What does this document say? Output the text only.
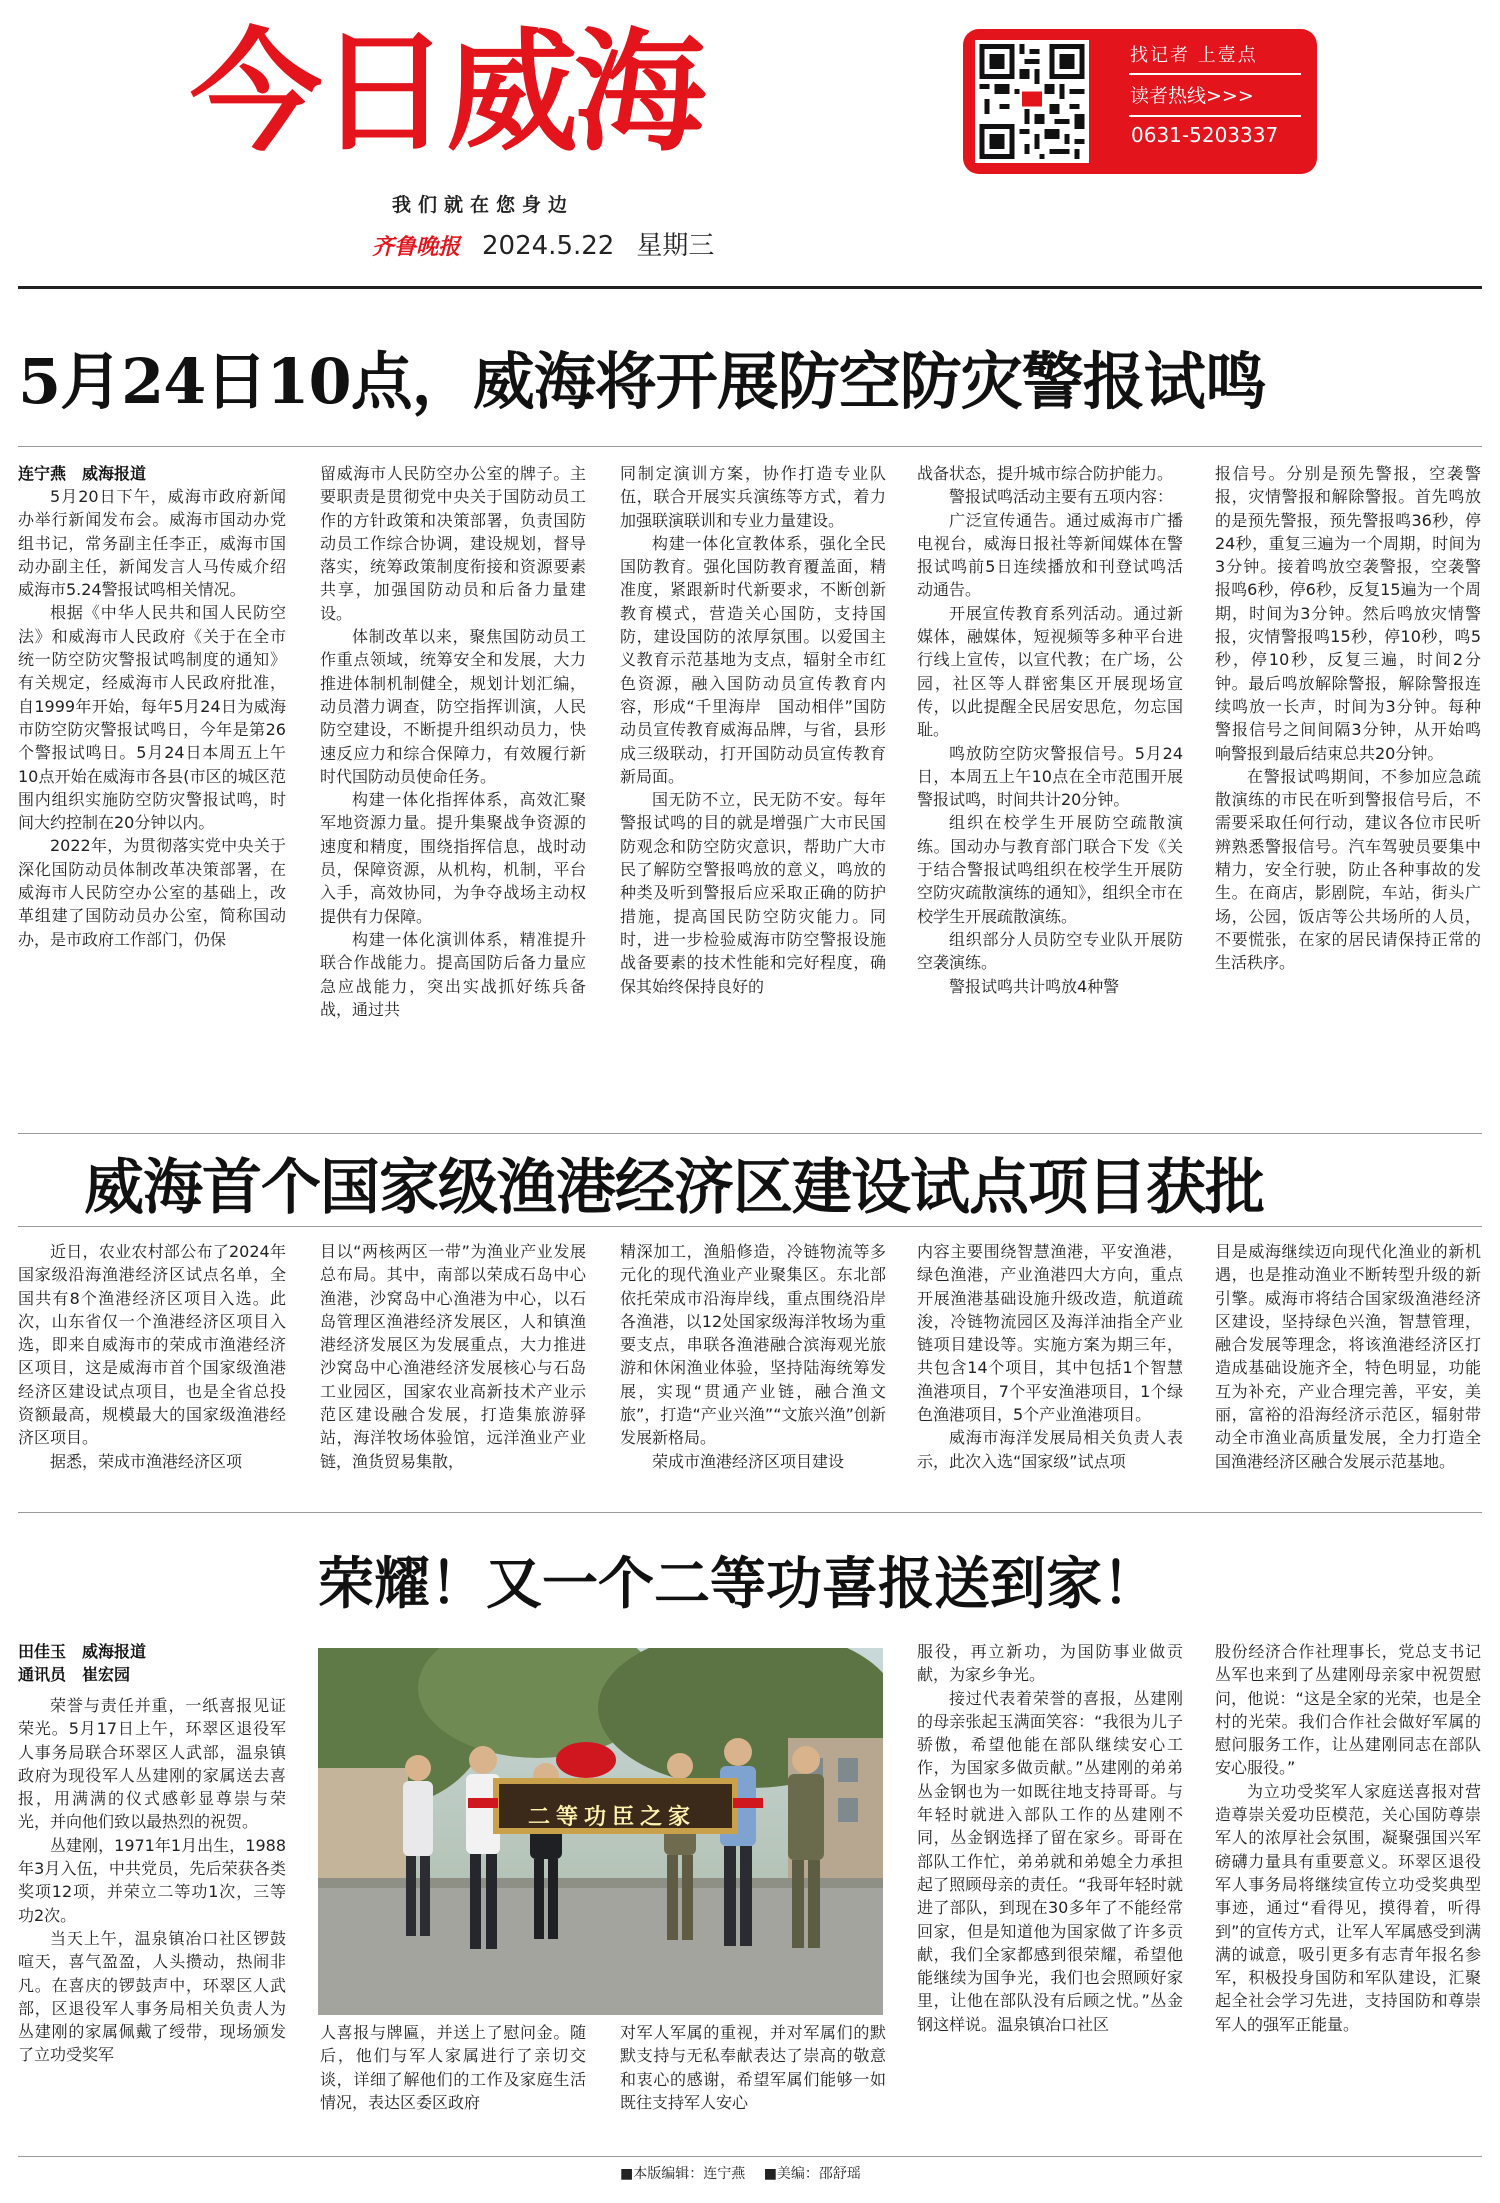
今日威海
我们就在您身边
齐鲁晚报 2024.5.22 星期三
找记者 上壹点
读者热线>>>
0631-5203337
5月24日10点，威海将开展防空防灾警报试鸣
连宁燕　威海报道

5月20日下午，威海市政府新闻办举行新闻发布会。威海市国动办党组书记，常务副主任李正，威海市国动办副主任，新闻发言人马传威介绍威海市5.24警报试鸣相关情况。

根据《中华人民共和国人民防空法》和威海市人民政府《关于在全市统一防空防灾警报试鸣制度的通知》有关规定，经威海市人民政府批准，自1999年开始，每年5月24日为威海市防空防灾警报试鸣日，今年是第26个警报试鸣日。5月24日本周五上午10点开始在威海市各县(市区的城区范围内组织实施防空防灾警报试鸣，时间大约控制在20分钟以内。

2022年，为贯彻落实党中央关于深化国防动员体制改革决策部署，在威海市人民防空办公室的基础上，改革组建了国防动员办公室，简称国动办，是市政府工作部门，仍保

留威海市人民防空办公室的牌子。主要职责是贯彻党中央关于国防动员工作的方针政策和决策部署，负责国防动员工作综合协调，建设规划，督导落实，统筹政策制度衔接和资源要素共享，加强国防动员和后备力量建设。

体制改革以来，聚焦国防动员工作重点领域，统筹安全和发展，大力推进体制机制健全，规划计划汇编，动员潜力调查，防空指挥训演，人民防空建设，不断提升组织动员力，快速反应力和综合保障力，有效履行新时代国防动员使命任务。

构建一体化指挥体系，高效汇聚军地资源力量。提升集聚战争资源的速度和精度，围绕指挥信息，战时动员，保障资源，从机构，机制，平台入手，高效协同，为争夺战场主动权提供有力保障。

构建一体化演训体系，精准提升联合作战能力。提高国防后备力量应急应战能力，突出实战抓好练兵备战，通过共

同制定演训方案，协作打造专业队伍，联合开展实兵演练等方式，着力加强联演联训和专业力量建设。

构建一体化宣教体系，强化全民国防教育。强化国防教育覆盖面，精准度，紧跟新时代新要求，不断创新教育模式，营造关心国防，支持国防，建设国防的浓厚氛围。以爱国主义教育示范基地为支点，辐射全市红色资源，融入国防动员宣传教育内容，形成“千里海岸　国动相伴”国防动员宣传教育威海品牌，与省，县形成三级联动，打开国防动员宣传教育新局面。

国无防不立，民无防不安。每年警报试鸣的目的就是增强广大市民国防观念和防空防灾意识，帮助广大市民了解防空警报鸣放的意义，鸣放的种类及听到警报后应采取正确的防护措施，提高国民防空防灾能力。同时，进一步检验威海市防空警报设施战备要素的技术性能和完好程度，确保其始终保持良好的

战备状态，提升城市综合防护能力。

警报试鸣活动主要有五项内容：

广泛宣传通告。通过威海市广播电视台，威海日报社等新闻媒体在警报试鸣前5日连续播放和刊登试鸣活动通告。

开展宣传教育系列活动。通过新媒体，融媒体，短视频等多种平台进行线上宣传，以宣代教；在广场，公园，社区等人群密集区开展现场宣传，以此提醒全民居安思危，勿忘国耻。

鸣放防空防灾警报信号。5月24日，本周五上午10点在全市范围开展警报试鸣，时间共计20分钟。

组织在校学生开展防空疏散演练。国动办与教育部门联合下发《关于结合警报试鸣组织在校学生开展防空防灾疏散演练的通知》，组织全市在校学生开展疏散演练。

组织部分人员防空专业队开展防空袭演练。

警报试鸣共计鸣放4种警

报信号。分别是预先警报，空袭警报，灾情警报和解除警报。首先鸣放的是预先警报，预先警报鸣36秒，停24秒，重复三遍为一个周期，时间为3分钟。接着鸣放空袭警报，空袭警报鸣6秒，停6秒，反复15遍为一个周期，时间为3分钟。然后鸣放灾情警报，灾情警报鸣15秒，停10秒，鸣5秒，停10秒，反复三遍，时间2分钟。最后鸣放解除警报，解除警报连续鸣放一长声，时间为3分钟。每种警报信号之间间隔3分钟，从开始鸣响警报到最后结束总共20分钟。

在警报试鸣期间，不参加应急疏散演练的市民在听到警报信号后，不需要采取任何行动，建议各位市民听辨熟悉警报信号。汽车驾驶员要集中精力，安全行驶，防止各种事故的发生。在商店，影剧院，车站，街头广场，公园，饭店等公共场所的人员，不要慌张，在家的居民请保持正常的生活秩序。

威海首个国家级渔港经济区建设试点项目获批

近日，农业农村部公布了2024年国家级沿海渔港经济区试点名单，全国共有8个渔港经济区项目入选。此次，山东省仅一个渔港经济区项目入选，即来自威海市的荣成市渔港经济区项目，这是威海市首个国家级渔港经济区建设试点项目，也是全省总投资额最高，规模最大的国家级渔港经济区项目。

据悉，荣成市渔港经济区项

目以“两核两区一带”为渔业产业发展总布局。其中，南部以荣成石岛中心渔港，沙窝岛中心渔港为中心，以石岛管理区渔港经济发展区，人和镇渔港经济发展区为发展重点，大力推进沙窝岛中心渔港经济发展核心与石岛工业园区，国家农业高新技术产业示范区建设融合发展，打造集旅游驿站，海洋牧场体验馆，远洋渔业产业链，渔货贸易集散，

精深加工，渔船修造，冷链物流等多元化的现代渔业产业聚集区。东北部依托荣成市沿海岸线，重点围绕沿岸各渔港，以12处国家级海洋牧场为重要支点，串联各渔港融合滨海观光旅游和休闲渔业体验，坚持陆海统筹发展，实现“贯通产业链，融合渔文旅”，打造“产业兴渔”“文旅兴渔”创新发展新格局。

荣成市渔港经济区项目建设

内容主要围绕智慧渔港，平安渔港，绿色渔港，产业渔港四大方向，重点开展渔港基础设施升级改造，航道疏浚，冷链物流园区及海洋油指全产业链项目建设等。实施方案为期三年，共包含14个项目，其中包括1个智慧渔港项目，7个平安渔港项目，1个绿色渔港项目，5个产业渔港项目。

威海市海洋发展局相关负责人表示，此次入选“国家级”试点项

目是威海继续迈向现代化渔业的新机遇，也是推动渔业不断转型升级的新引擎。威海市将结合国家级渔港经济区建设，坚持绿色兴渔，智慧管理，融合发展等理念，将该渔港经济区打造成基础设施齐全，特色明显，功能互为补充，产业合理完善，平安，美丽，富裕的沿海经济示范区，辐射带动全市渔业高质量发展，全力打造全国渔港经济区融合发展示范基地。

荣耀！又一个二等功喜报送到家！
田佳玉　威海报道
通讯员　崔宏园

荣誉与责任并重，一纸喜报见证荣光。5月17日上午，环翠区退役军人事务局联合环翠区人武部，温泉镇政府为现役军人丛建刚的家属送去喜报，用满满的仪式感彰显尊崇与荣光，并向他们致以最热烈的祝贺。

丛建刚，1971年1月出生，1988年3月入伍，中共党员，先后荣获各类奖项12项，并荣立二等功1次，三等功2次。

当天上午，温泉镇冶口社区锣鼓喧天，喜气盈盈，人头攒动，热闹非凡。在喜庆的锣鼓声中，环翠区人武部，区退役军人事务局相关负责人为丛建刚的家属佩戴了绶带，现场颁发了立功受奖军

二等功臣之家

人喜报与牌匾，并送上了慰问金。随后，他们与军人家属进行了亲切交谈，详细了解他们的工作及家庭生活情况，表达区委区政府

对军人军属的重视，并对军属们的默默支持与无私奉献表达了崇高的敬意和衷心的感谢，希望军属们能够一如既往支持军人安心

服役，再立新功，为国防事业做贡献，为家乡争光。

接过代表着荣誉的喜报，丛建刚的母亲张起玉满面笑容：“我很为儿子骄傲，希望他能在部队继续安心工作，为国家多做贡献。”丛建刚的弟弟丛金钢也为一如既往地支持哥哥。与年轻时就进入部队工作的丛建刚不同，丛金钢选择了留在家乡。哥哥在部队工作忙，弟弟就和弟媳全力承担起了照顾母亲的责任。“我哥年轻时就进了部队，到现在30多年了不能经常回家，但是知道他为国家做了许多贡献，我们全家都感到很荣耀，希望他能继续为国争光，我们也会照顾好家里，让他在部队没有后顾之忧。”丛金钢这样说。温泉镇冶口社区

股份经济合作社理事长，党总支书记丛军也来到了丛建刚母亲家中祝贺慰问，他说：“这是全家的光荣，也是全村的光荣。我们合作社会做好军属的慰问服务工作，让丛建刚同志在部队安心服役。”

为立功受奖军人家庭送喜报对营造尊崇关爱功臣模范，关心国防尊崇军人的浓厚社会氛围，凝聚强国兴军磅礴力量具有重要意义。环翠区退役军人事务局将继续宣传立功受奖典型事迹，通过“看得见，摸得着，听得到”的宣传方式，让军人军属感受到满满的诚意，吸引更多有志青年报名参军，积极投身国防和军队建设，汇聚起全社会学习先进，支持国防和尊崇军人的强军正能量。

■本版编辑：连宁燕 ■美编：邵舒瑶
